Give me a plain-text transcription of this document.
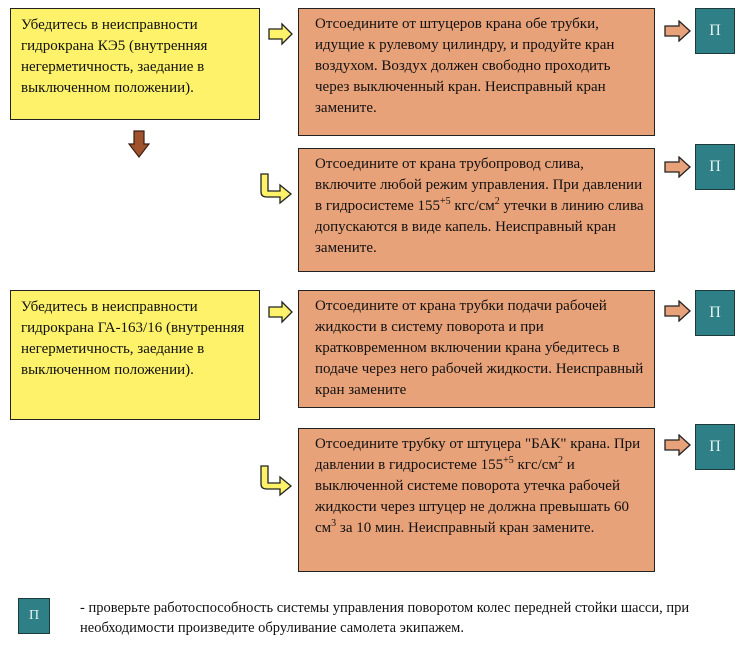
Убедитесь в неисправности гидрокрана КЭ5 (внутренняя негерметичность, заедание в выключенном положении).
Отсоедините от штуцеров крана обе трубки, идущие к рулевому цилиндру, и продуйте кран воздухом. Воздух должен свободно проходить через выключенный кран. Неисправный кран замените.
П
Отсоедините от крана трубопровод слива, включите любой режим управления. При давлении в гидросистеме $155^{+5}$ кгс/$см^2$ утечки в линию слива допускаются в виде капель. Неисправный кран замените.
П
Убедитесь в неисправности гидрокрана ГА-163/16 (внутренняя негерметичность, заедание в выключенном положении).
Отсоедините от крана трубки подачи рабочей жидкости в систему поворота и при кратковременном включении крана убедитесь в подаче через него рабочей жидкости. Неисправный кран замените
П
Отсоедините трубку от штуцера "БАК" крана. При давлении в гидросистеме $155^{+5}$ кгс/$см^2$ и выключенной системе поворота утечка рабочей жидкости через штуцер не должна превышать 60 $см^3$ за 10 мин. Неисправный кран замените.
П
П	- проверьте работоспособность системы управления поворотом колес передней стойки шасси, при необходимости произведите обруливание самолета экипажем.
